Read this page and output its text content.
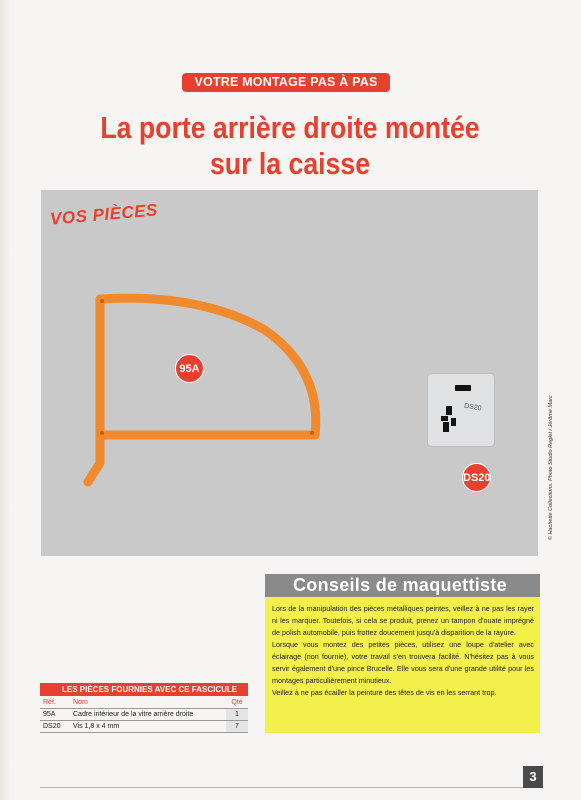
VOTRE MONTAGE PAS À PAS
La porte arrière droite montée
sur la caisse
VOS PIÈCES
DS20
95A
DS20	© Hachette Collections. Photo Studio Reglet / Jérôme Marc
Conseils de maquettiste

Lors de la manipulation des pièces métalliques peintes, veillez à ne pas les rayer ni les marquer. Toutefois, si cela se produit, prenez un tampon d'ouate imprégné de polish automobile, puis frottez doucement jusqu'à disparition de la rayure.

Lorsque vous montez des petites pièces, utilisez une loupe d'atelier avec éclairage (non fournie), votre travail s'en trouvera facilité. N'hésitez pas à vous servir également d'une pince Brucelle. Elle vous sera d'une grande utilité pour les montages particulièrement minutieux.

Veillez à ne pas écailler la peinture des têtes de vis en les serrant trop.

LES PIÈCES FOURNIES AVEC CE FASCICULE
Réf.	Nom	Qté
95A	Cadre intérieur de la vitre arrière droite	1
DS20	Vis 1,8 x 4 mm	7
3
